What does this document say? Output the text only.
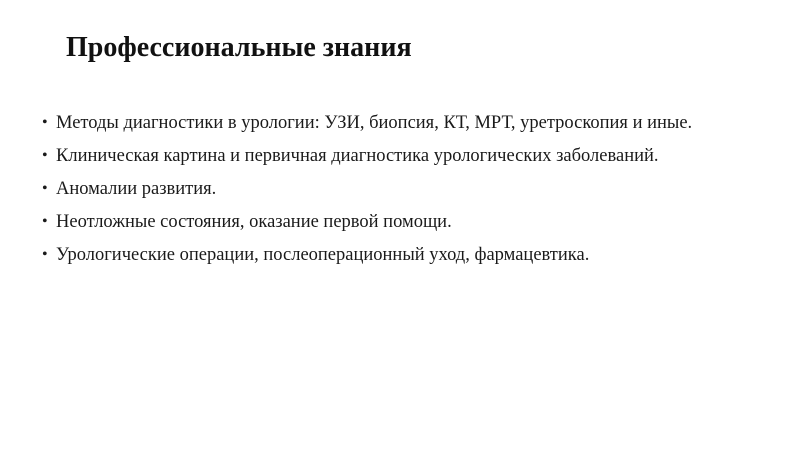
Профессиональные знания
• Методы диагностики в урологии: УЗИ, биопсия, КТ, МРТ, уретроскопия и иные.
• Клиническая картина и первичная диагностика урологических заболеваний.
• Аномалии развития.
• Неотложные состояния, оказание первой помощи.
• Урологические операции, послеоперационный уход, фармацевтика.
